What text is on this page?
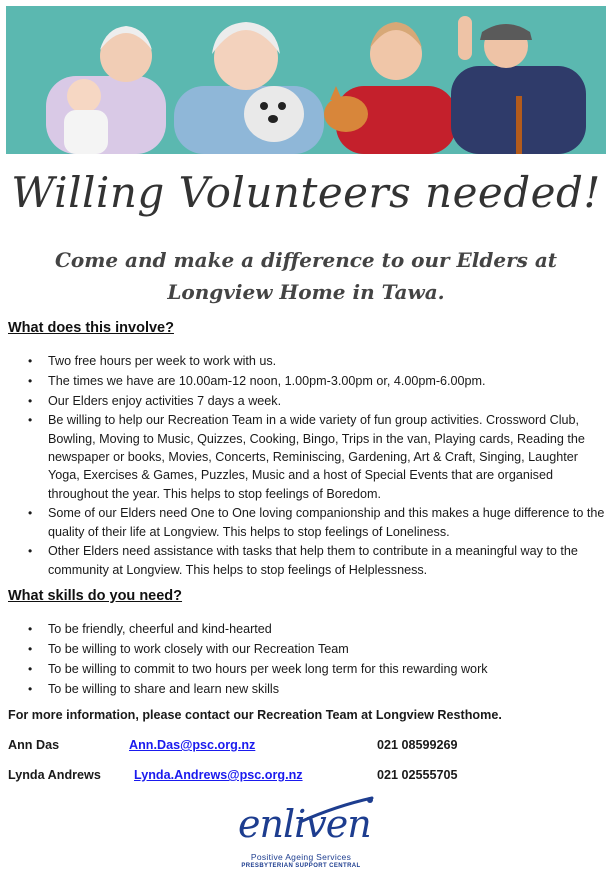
Willing Volunteers needed!
Come and make a difference to our Elders at Longview Home in Tawa.
What does this involve?
• Two free hours per week to work with us.
• The times we have are 10.00am-12 noon, 1.00pm-3.00pm or, 4.00pm-6.00pm.
• Our Elders enjoy activities 7 days a week.
• Be willing to help our Recreation Team in a wide variety of fun group activities. Crossword Club, Bowling, Moving to Music, Quizzes, Cooking, Bingo, Trips in the van, Playing cards, Reading the newspaper or books, Movies, Concerts, Reminiscing, Gardening, Art & Craft, Singing, Laughter Yoga, Exercises & Games, Puzzles, Music and a host of Special Events that are organised throughout the year. This helps to stop feelings of Boredom.
• Some of our Elders need One to One loving companionship and this makes a huge difference to the quality of their life at Longview. This helps to stop feelings of Loneliness.
• Other Elders need assistance with tasks that help them to contribute in a meaningful way to the community at Longview. This helps to stop feelings of Helplessness.
What skills do you need?
• To be friendly, cheerful and kind-hearted
• To be willing to work closely with our Recreation Team
• To be willing to commit to two hours per week long term for this rewarding work
• To be willing to share and learn new skills
For more information, please contact our Recreation Team at Longview Resthome.
Ann Das	Ann.Das@psc.org.nz	021 08599269
Lynda Andrews	Lynda.Andrews@psc.org.nz	021 02555705
enliven
Positive Ageing Services
PRESBYTERIAN SUPPORT CENTRAL
